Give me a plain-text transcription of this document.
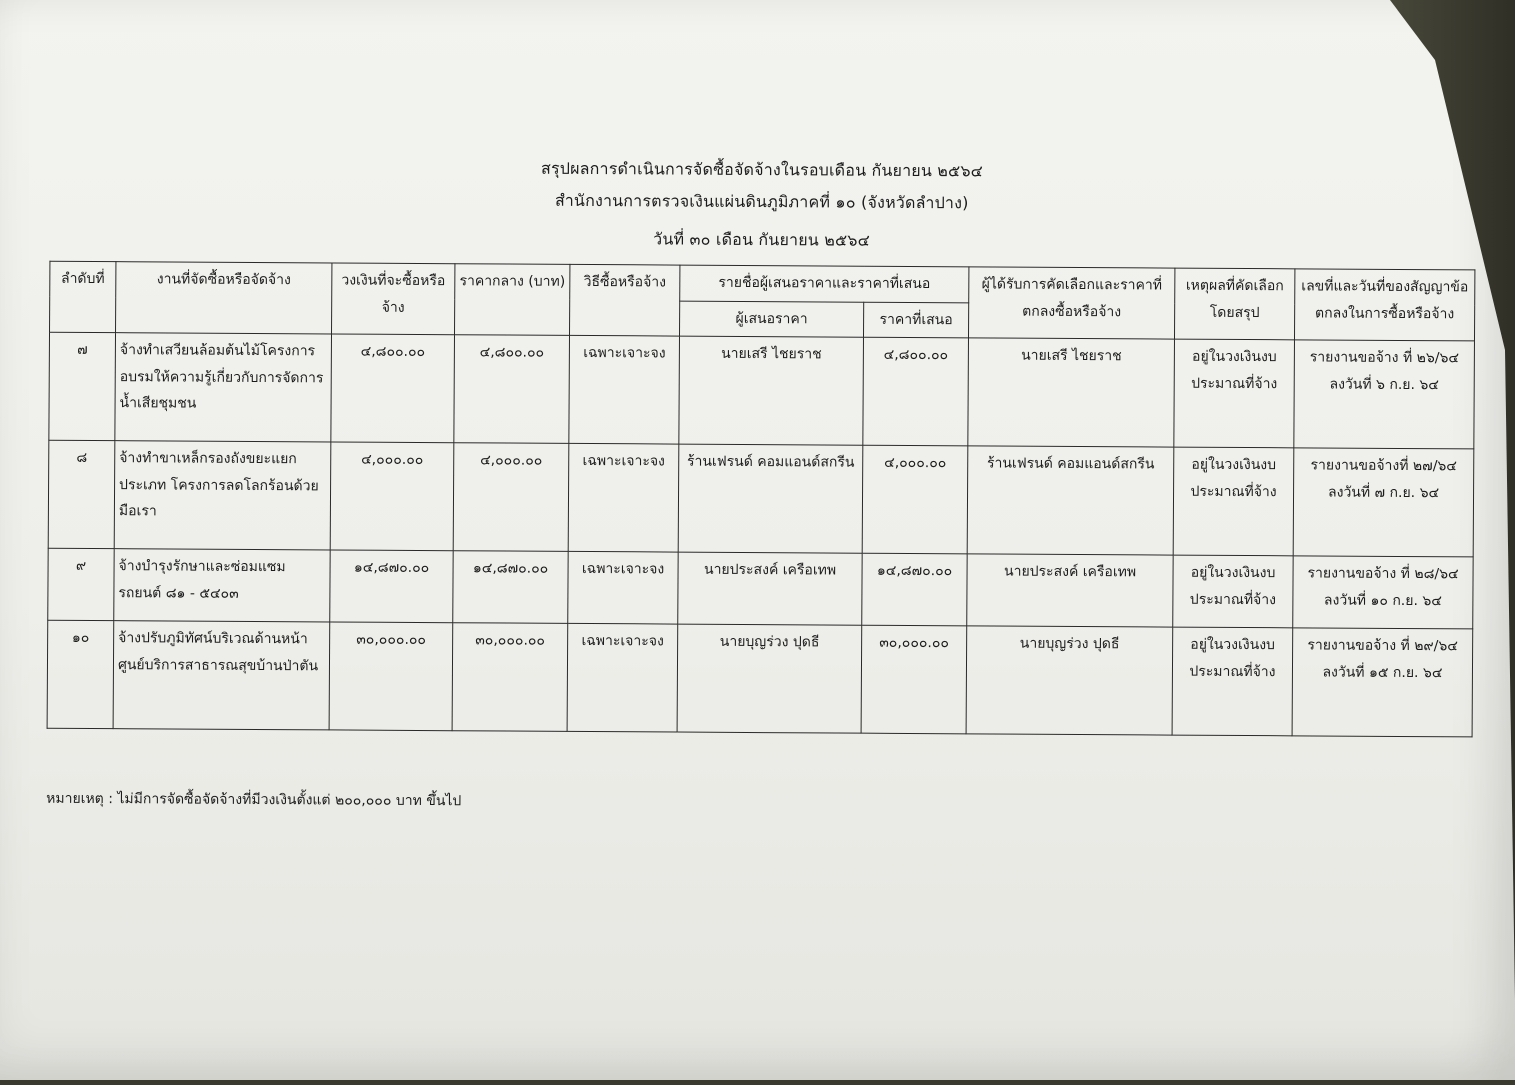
สรุปผลการดำเนินการจัดซื้อจัดจ้างในรอบเดือน กันยายน ๒๕๖๔
สำนักงานการตรวจเงินแผ่นดินภูมิภาคที่ ๑๐ (จังหวัดลำปาง)
วันที่ ๓๐ เดือน กันยายน ๒๕๖๔
ลำดับที่	งานที่จัดซื้อหรือจัดจ้าง	วงเงินที่จะซื้อหรือจ้าง	ราคากลาง (บาท)	วิธีซื้อหรือจ้าง	รายชื่อผู้เสนอราคาและราคาที่เสนอ		ผู้ได้รับการคัดเลือกและราคาที่ตกลงซื้อหรือจ้าง	เหตุผลที่คัดเลือกโดยสรุป	เลขที่และวันที่ของสัญญาข้อตกลงในการซื้อหรือจ้าง
					ผู้เสนอราคา	ราคาที่เสนอ			
๗	จ้างทำเสวียนล้อมต้นไม้โครงการอบรมให้ความรู้เกี่ยวกับการจัดการน้ำเสียชุมชน	๔,๘๐๐.๐๐	๔,๘๐๐.๐๐	เฉพาะเจาะจง	นายเสรี ไชยราช	๔,๘๐๐.๐๐	นายเสรี ไชยราช	อยู่ในวงเงินงบประมาณที่จ้าง	รายงานขอจ้าง ที่ ๒๖/๖๔
ลงวันที่ ๖ ก.ย. ๖๔

๘	จ้างทำขาเหล็กรองถังขยะแยกประเภท โครงการลดโลกร้อนด้วยมือเรา	๔,๐๐๐.๐๐	๔,๐๐๐.๐๐	เฉพาะเจาะจง	ร้านเฟรนด์ คอมแอนด์สกรีน	๔,๐๐๐.๐๐	ร้านเฟรนด์ คอมแอนด์สกรีน	อยู่ในวงเงินงบประมาณที่จ้าง	รายงานขอจ้างที่ ๒๗/๖๔
ลงวันที่ ๗ ก.ย. ๖๔

๙	จ้างบำรุงรักษาและซ่อมแซมรถยนต์ ๘๑ - ๕๔๐๓	๑๔,๘๗๐.๐๐	๑๔,๘๗๐.๐๐	เฉพาะเจาะจง	นายประสงค์ เครือเทพ	๑๔,๘๗๐.๐๐	นายประสงค์ เครือเทพ	อยู่ในวงเงินงบประมาณที่จ้าง	รายงานขอจ้าง ที่ ๒๘/๖๔
ลงวันที่ ๑๐ ก.ย. ๖๔

๑๐	จ้างปรับภูมิทัศน์บริเวณด้านหน้าศูนย์บริการสาธารณสุขบ้านป่าตัน	๓๐,๐๐๐.๐๐	๓๐,๐๐๐.๐๐	เฉพาะเจาะจง	นายบุญร่วง ปุดธี	๓๐,๐๐๐.๐๐	นายบุญร่วง ปุดธี	อยู่ในวงเงินงบประมาณที่จ้าง	รายงานขอจ้าง ที่ ๒๙/๖๔
ลงวันที่ ๑๕ ก.ย. ๖๔
หมายเหตุ : ไม่มีการจัดซื้อจัดจ้างที่มีวงเงินตั้งแต่ ๒๐๐,๐๐๐ บาท ขึ้นไป
